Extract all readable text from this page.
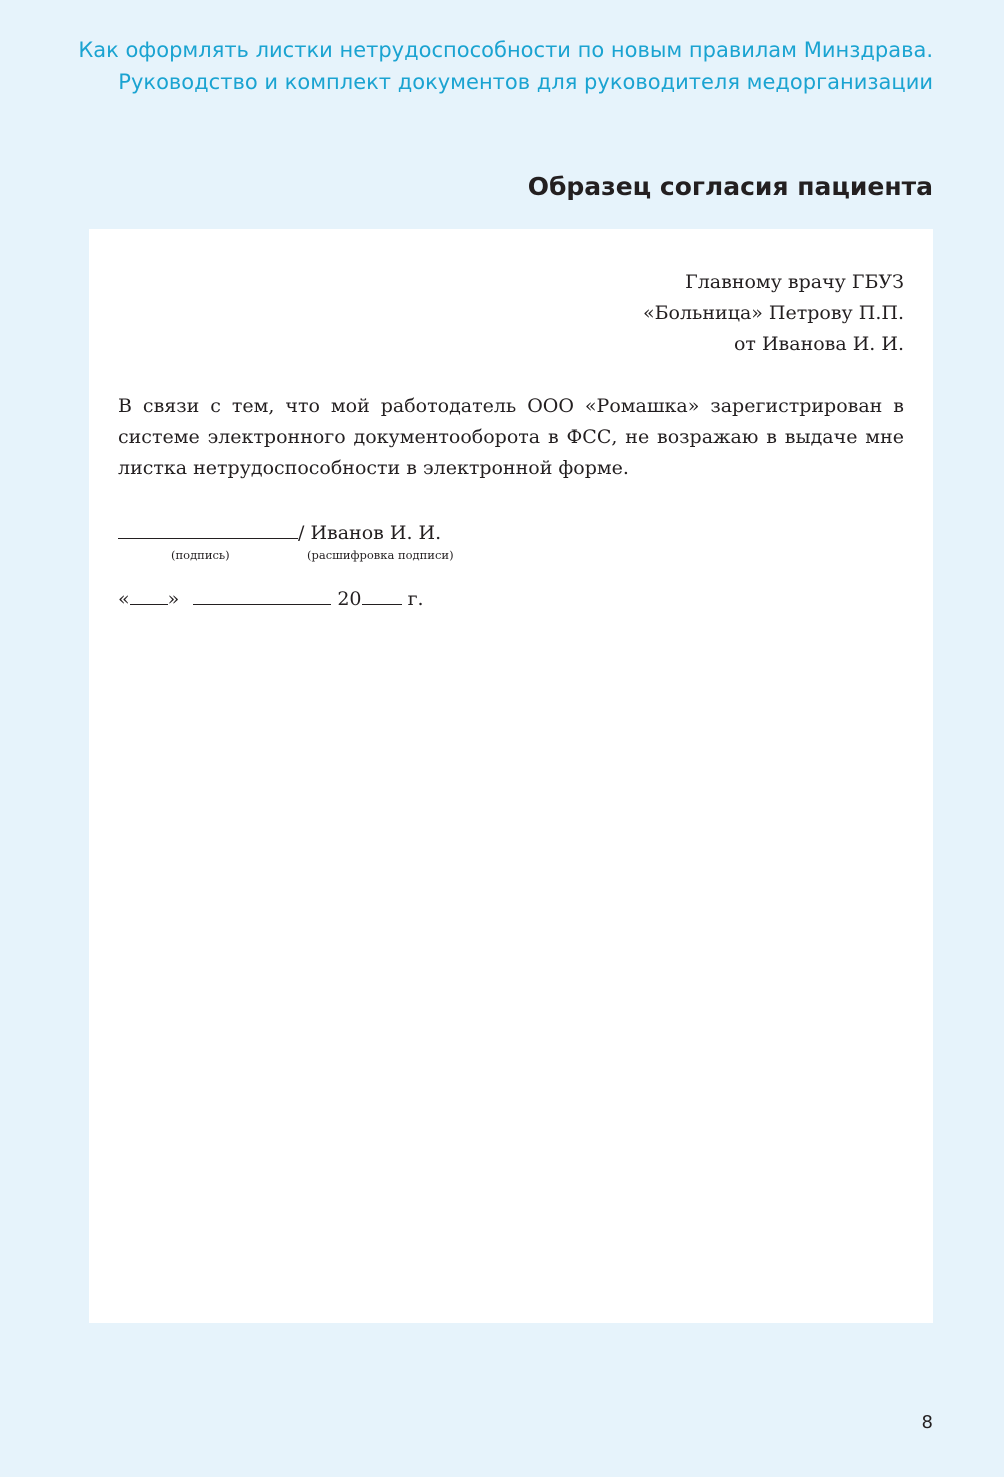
Как оформлять листки нетрудоспособности по новым правилам Минздрава.
Руководство и комплект документов для руководителя медорганизации
Образец согласия пациента
Главному врачу ГБУЗ
«Больница» Петрову П.П.
от Иванова И. И.
В связи с тем, что мой работодатель ООО «Ромашка» зарегистрирован в системе электронного документооборота в ФСС, не возражаю в выдаче мне листка нетрудоспособности в электронной форме.
/ Иванов И. И.
(подпись)	(расшифровка подписи)
« »	20 г.
8
